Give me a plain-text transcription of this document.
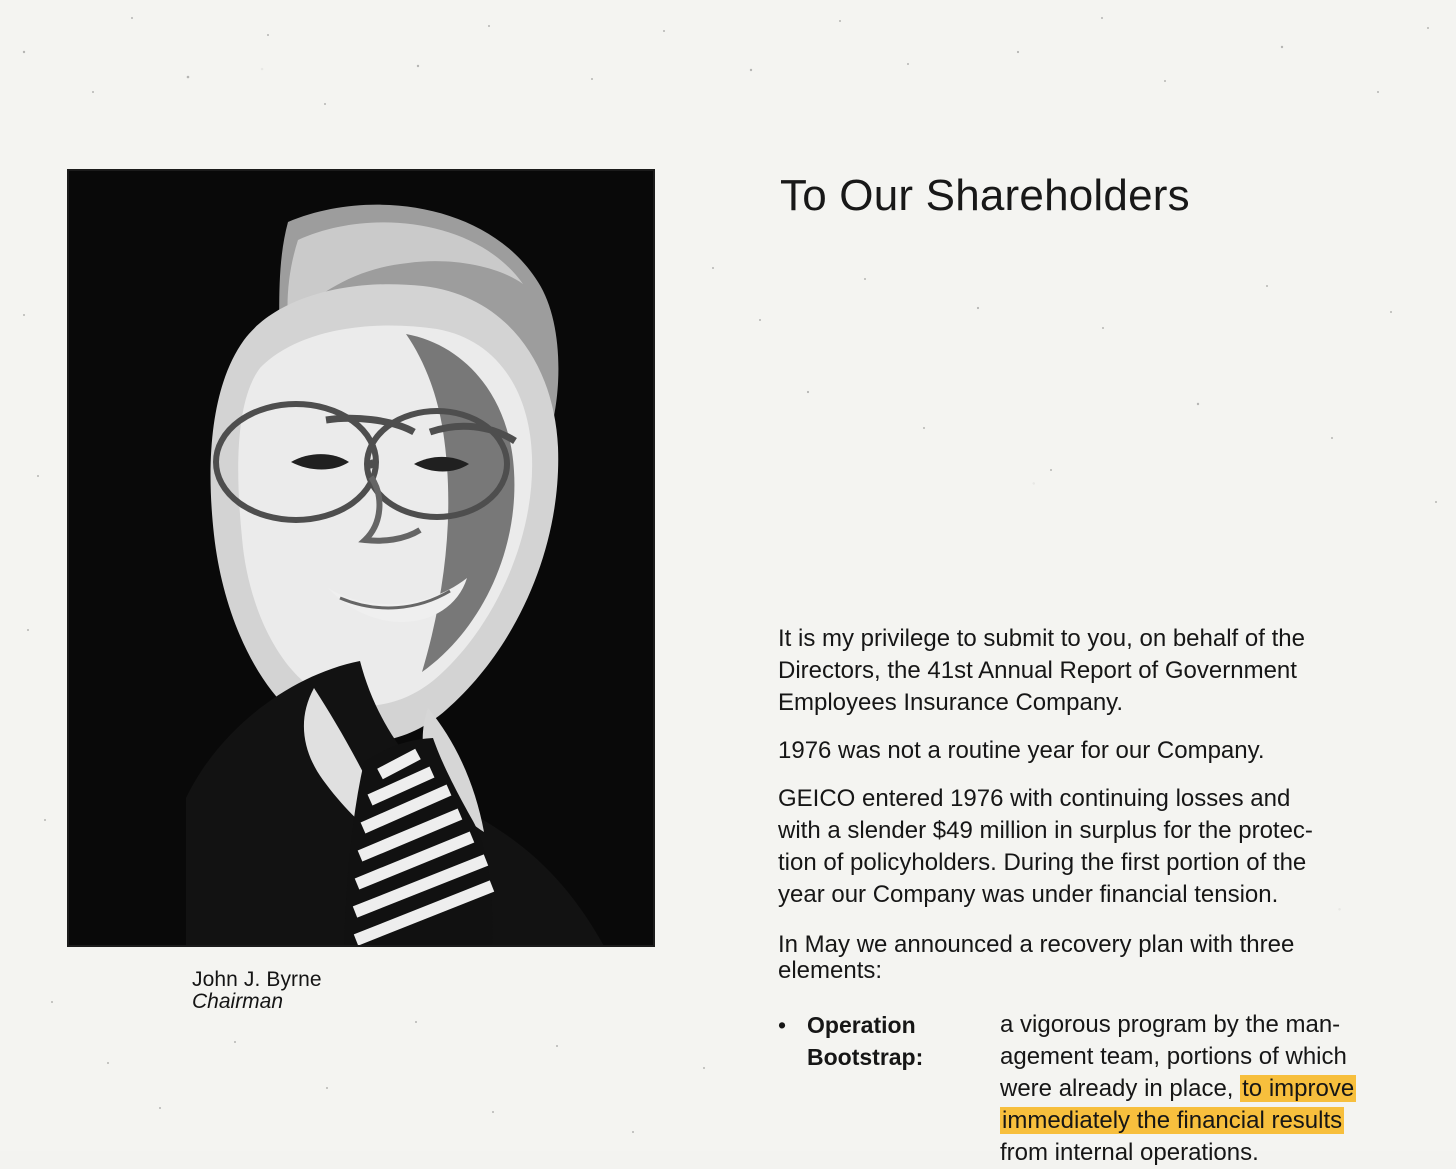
John J. Byrne
Chairman
To Our Shareholders
It is my privilege to submit to you, on behalf of the
Directors, the 41st Annual Report of Government
Employees Insurance Company.
1976 was not a routine year for our Company.
GEICO entered 1976 with continuing losses and
with a slender $49 million in surplus for the protec-
tion of policyholders. During the first portion of the
year our Company was under financial tension.
In May we announced a recovery plan with three
elements:
• Operation
Bootstrap:
a vigorous program by the man-
agement team, portions of which
were already in place, to improve
immediately the financial results
from internal operations.
